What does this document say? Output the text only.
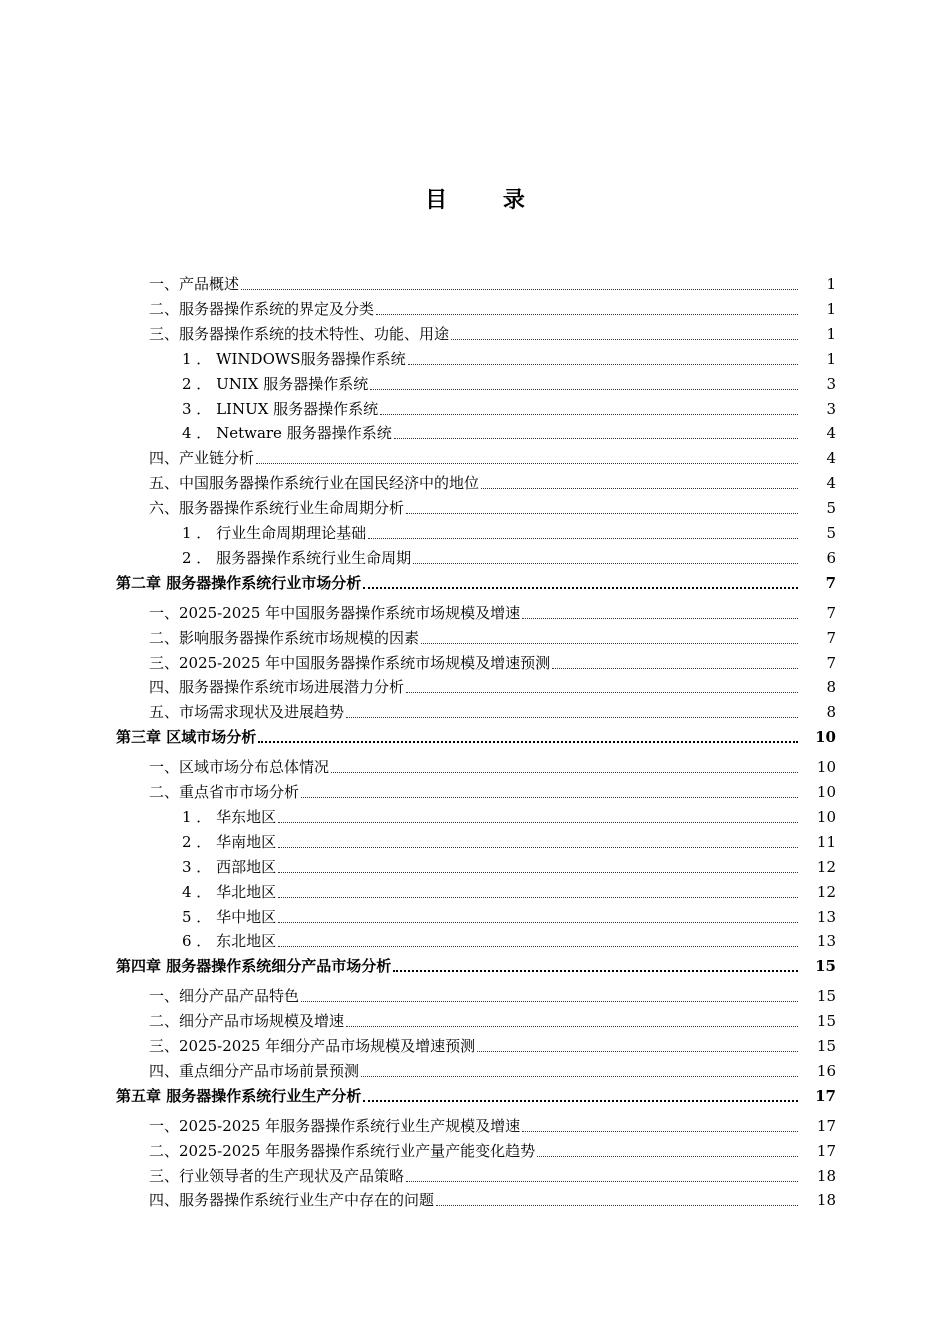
目 录
一、产品概述	1
二、服务器操作系统的界定及分类	1
三、服务器操作系统的技术特性、功能、用途	1
1 ． WINDOWS服务器操作系统	1
2 ． UNIX 服务器操作系统	3
3 ． LINUX 服务器操作系统	3
4 ． Netware 服务器操作系统	4
四、产业链分析	4
五、中国服务器操作系统行业在国民经济中的地位	4
六、服务器操作系统行业生命周期分析	5
1 ． 行业生命周期理论基础	5
2 ． 服务器操作系统行业生命周期	6
第二章 服务器操作系统行业市场分析	7
一、2025-2025 年中国服务器操作系统市场规模及增速	7
二、影响服务器操作系统市场规模的因素	7
三、2025-2025 年中国服务器操作系统市场规模及增速预测	7
四、服务器操作系统市场进展潜力分析	8
五、市场需求现状及进展趋势	8
第三章 区域市场分析	10
一、区域市场分布总体情况	10
二、重点省市市场分析	10
1 ． 华东地区	10
2 ． 华南地区	11
3 ． 西部地区	12
4 ． 华北地区	12
5 ． 华中地区	13
6 ． 东北地区	13
第四章 服务器操作系统细分产品市场分析	15
一、细分产品产品特色	15
二、细分产品市场规模及增速	15
三、2025-2025 年细分产品市场规模及增速预测	15
四、重点细分产品市场前景预测	16
第五章 服务器操作系统行业生产分析	17
一、2025-2025 年服务器操作系统行业生产规模及增速	17
二、2025-2025 年服务器操作系统行业产量产能变化趋势	17
三、行业领导者的生产现状及产品策略	18
四、服务器操作系统行业生产中存在的问题	18
